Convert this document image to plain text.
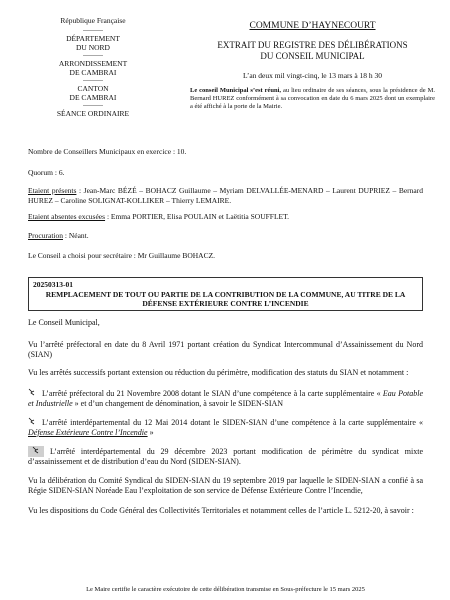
République Française
----------
DÉPARTEMENT
DU NORD
----------
ARRONDISSEMENT
DE CAMBRAI
----------
CANTON
DE CAMBRAI
----------
SÉANCE ORDINAIRE
COMMUNE D’HAYNECOURT
EXTRAIT DU REGISTRE DES DÉLIBÉRATIONS
DU CONSEIL MUNICIPAL
L’an deux mil vingt-cinq, le 13 mars à 18 h 30
Le conseil Municipal s’est réuni, au lieu ordinaire de ses séances, sous la présidence de M. Bernard HUREZ conformément à sa convocation en date du 6 mars 2025 dont un exemplaire a été affiché à la porte de la Mairie.
Nombre de Conseillers Municipaux en exercice : 10.
Quorum : 6.
Etaient présents : Jean-Marc BÉZÉ – BOHACZ Guillaume – Myriam DELVALLÉE-MENARD – Laurent DUPRIEZ – Bernard HUREZ – Caroline SOLIGNAT-KOLLIKER – Thierry LEMAIRE.
Etaient absentes excusées : Emma PORTIER, Elisa POULAIN et Laëtitia SOUFFLET.
Procuration : Néant.
Le Conseil a choisi pour secrétaire : Mr Guillaume BOHACZ.
20250313-01
REMPLACEMENT DE TOUT OU PARTIE DE LA CONTRIBUTION DE LA COMMUNE, AU TITRE DE LA DÉFENSE EXTÉRIEURE CONTRE L’INCENDIE
Le Conseil Municipal,
Vu l’arrêté préfectoral en date du 8 Avril 1971 portant création du Syndicat Intercommunal d’Assainissement du Nord (SIAN)
Vu les arrêtés successifs portant extension ou réduction du périmètre, modification des statuts du SIAN et notamment :
L’arrêté préfectoral du 21 Novembre 2008 dotant le SIAN d’une compétence à la carte supplémentaire « Eau Potable et Industrielle » et d’un changement de dénomination, à savoir le SIDEN-SIAN
L’arrêté interdépartemental du 12 Mai 2014 dotant le SIDEN-SIAN d’une compétence à la carte supplémentaire « Défense Extérieure Contre l’Incendie »
L’arrêté interdépartemental du 29 décembre 2023 portant modification de périmètre du syndicat mixte d’assainissement et de distribution d’eau du Nord (SIDEN-SIAN).
Vu la délibération du Comité Syndical du SIDEN-SIAN du 19 septembre 2019 par laquelle le SIDEN-SIAN a confié à sa Régie SIDEN-SIAN Noréade Eau l’exploitation de son service de Défense Extérieure Contre l’Incendie,
Vu les dispositions du Code Général des Collectivités Territoriales et notamment celles de l’article L. 5212-20, à savoir :
Le Maire certifie le caractère exécutoire de cette délibération transmise en Sous-préfecture le 15 mars 2025
